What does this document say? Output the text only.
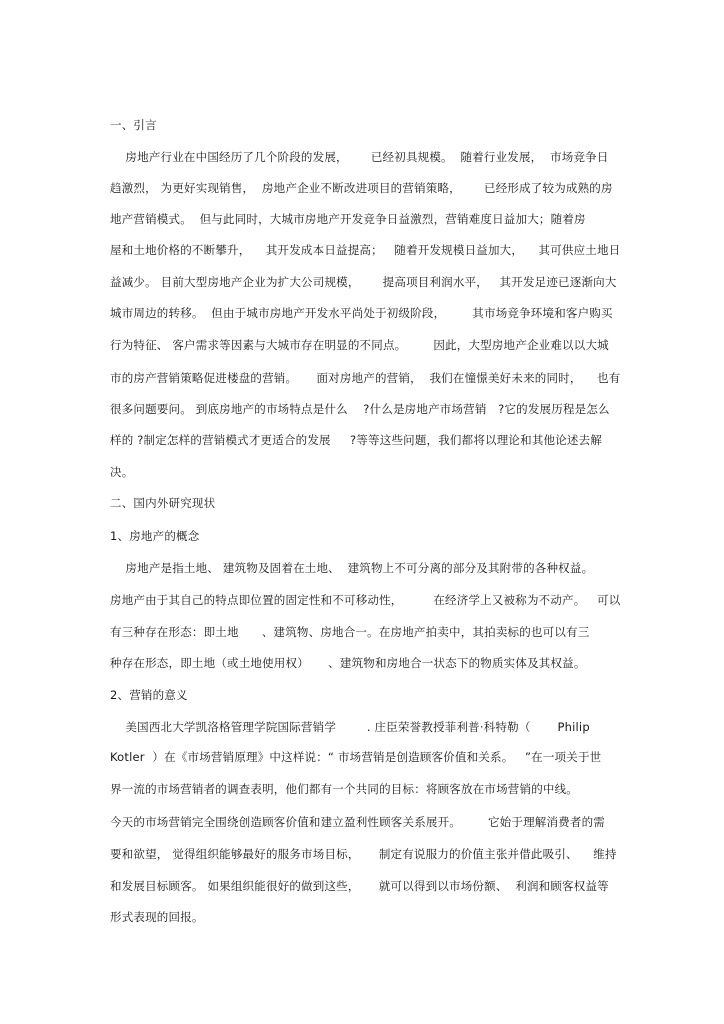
一、引言
房地产行业在中国经历了几个阶段的发展，      已经初具规模。  随着行业发展，  市场竞争日
趋激烈， 为更好实现销售，  房地产企业不断改进项目的营销策略，      已经形成了较为成熟的房
地产营销模式。  但与此同时，大城市房地产开发竞争日益激烈，营销难度日益加大；随着房
屋和土地价格的不断攀升，    其开发成本日益提高；   随着开发规模日益加大，    其可供应土地日
益减少。 目前大型房地产企业为扩大公司规模，      提高项目利润水平，   其开发足迹已逐渐向大
城市周边的转移。  但由于城市房地产开发水平尚处于初级阶段，       其市场竞争环境和客户购买
行为特征、 客户需求等因素与大城市存在明显的不同点。       因此，大型房地产企业难以以大城
市的房产营销策略促进楼盘的营销。     面对房地产的营销，  我们在憧憬美好未来的同时，    也有
很多问题要问。 到底房地产的市场特点是什么    ?什么是房地产市场营销   ?它的发展历程是怎么
样的 ?制定怎样的营销模式才更适合的发展     ?等等这些问题，我们都将以理论和其他论述去解
决。
二、国内外研究现状
1、房地产的概念
房地产是指土地、 建筑物及固着在土地、  建筑物上不可分离的部分及其附带的各种权益。
房地产由于其自己的特点即位置的固定性和不可移动性，        在经济学上又被称为不动产。   可以
有三种存在形态：即土地      、建筑物、房地合一。在房地产拍卖中，其拍卖标的也可以有三
种存在形态，即土地（或土地使用权）     、建筑物和房地合一状态下的物质实体及其权益。
2、营销的意义
美国西北大学凯洛格管理学院国际营销学        . 庄臣荣誉教授菲利普·科特勒（       Philip
Kotler  ）在《市场营销原理》中这样说：“ 市场营销是创造顾客价值和关系。   ”在一项关于世
界一流的市场营销者的调查表明，他们都有一个共同的目标：将顾客放在市场营销的中线。
今天的市场营销完全围绕创造顾客价值和建立盈利性顾客关系展开。       它始于理解消费者的需
要和欲望， 觉得组织能够最好的服务市场目标，     制定有说服力的价值主张并借此吸引、    维持
和发展目标顾客。 如果组织能很好的做到这些，     就可以得到以市场份额、  利润和顾客权益等
形式表现的回报。
